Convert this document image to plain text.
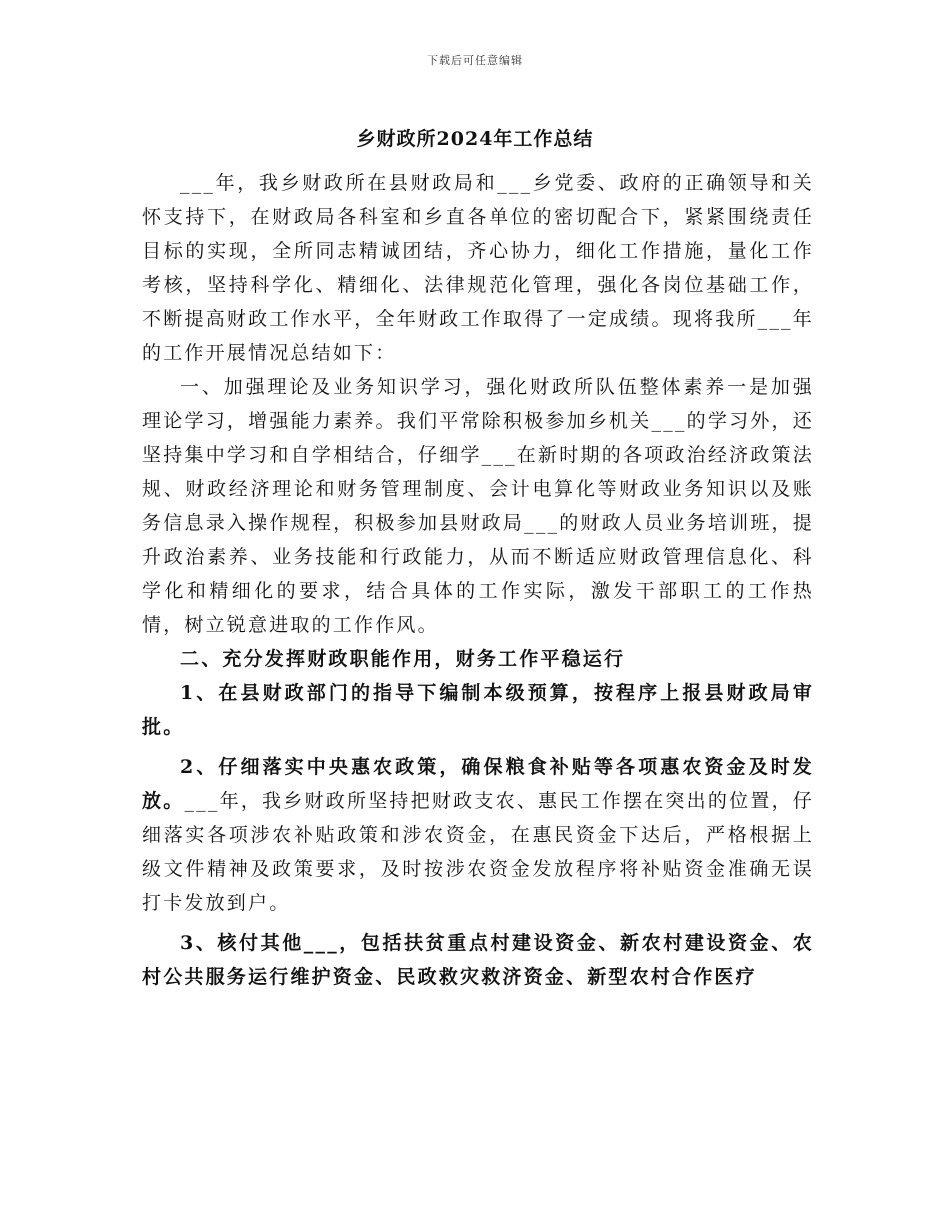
下载后可任意编辑
乡财政所2024年工作总结

___年，我乡财政所在县财政局和___乡党委、政府的正确领导和关怀支持下，在财政局各科室和乡直各单位的密切配合下，紧紧围绕责任目标的实现，全所同志精诚团结，齐心协力，细化工作措施，量化工作考核，坚持科学化、精细化、法律规范化管理，强化各岗位基础工作，不断提高财政工作水平，全年财政工作取得了一定成绩。现将我所___年的工作开展情况总结如下：

一、加强理论及业务知识学习，强化财政所队伍整体素养一是加强理论学习，增强能力素养。我们平常除积极参加乡机关___的学习外，还坚持集中学习和自学相结合，仔细学___在新时期的各项政治经济政策法规、财政经济理论和财务管理制度、会计电算化等财政业务知识以及账务信息录入操作规程，积极参加县财政局___的财政人员业务培训班，提升政治素养、业务技能和行政能力，从而不断适应财政管理信息化、科学化和精细化的要求，结合具体的工作实际，激发干部职工的工作热情，树立锐意进取的工作作风。

二、充分发挥财政职能作用，财务工作平稳运行

1、在县财政部门的指导下编制本级预算，按程序上报县财政局审批。

2、仔细落实中央惠农政策，确保粮食补贴等各项惠农资金及时发放。___年，我乡财政所坚持把财政支农、惠民工作摆在突出的位置，仔细落实各项涉农补贴政策和涉农资金，在惠民资金下达后，严格根据上级文件精神及政策要求，及时按涉农资金发放程序将补贴资金准确无误打卡发放到户。

3、核付其他___，包括扶贫重点村建设资金、新农村建设资金、农村公共服务运行维护资金、民政救灾救济资金、新型农村合作医疗
